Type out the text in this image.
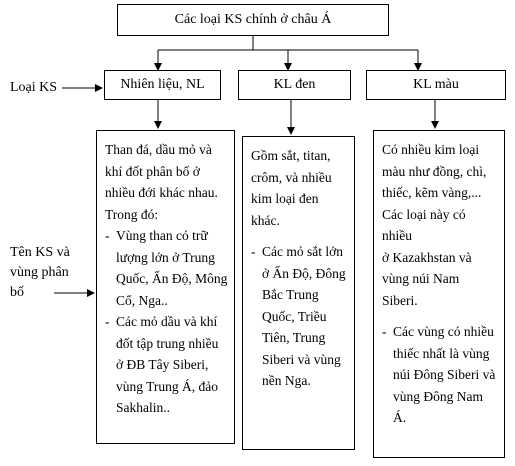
Các loại KS chính ở châu Á
Nhiên liệu, NL	KL đen	KL màu
Loại KS
Tên KS và
vùng phân
bố
Than đá, dầu mỏ và khí đốt phân bố ở nhiều đới khác nhau. Trong đó:
- Vùng than có trữ lượng lớn ở Trung Quốc, Ấn Độ, Mông Cổ, Nga..
- Các mỏ dầu và khí đốt tập trung nhiều ở ĐB Tây Siberi, vùng Trung Á, đảo Sakhalin..
Gồm sắt, titan, crôm, và nhiều kim loại đen khác.
- Các mỏ sắt lớn ở Ấn Độ, Đông Bắc Trung Quốc, Triều Tiên, Trung Siberi và vùng nền Nga.
Có nhiều kim loại màu như đồng, chì, thiếc, kẽm vàng,... Các loại này có nhiều
ở Kazakhstan và vùng núi Nam Siberi.
- Các vùng có nhiều thiếc nhất là vùng núi Đông Siberi và vùng Đông Nam Á.
